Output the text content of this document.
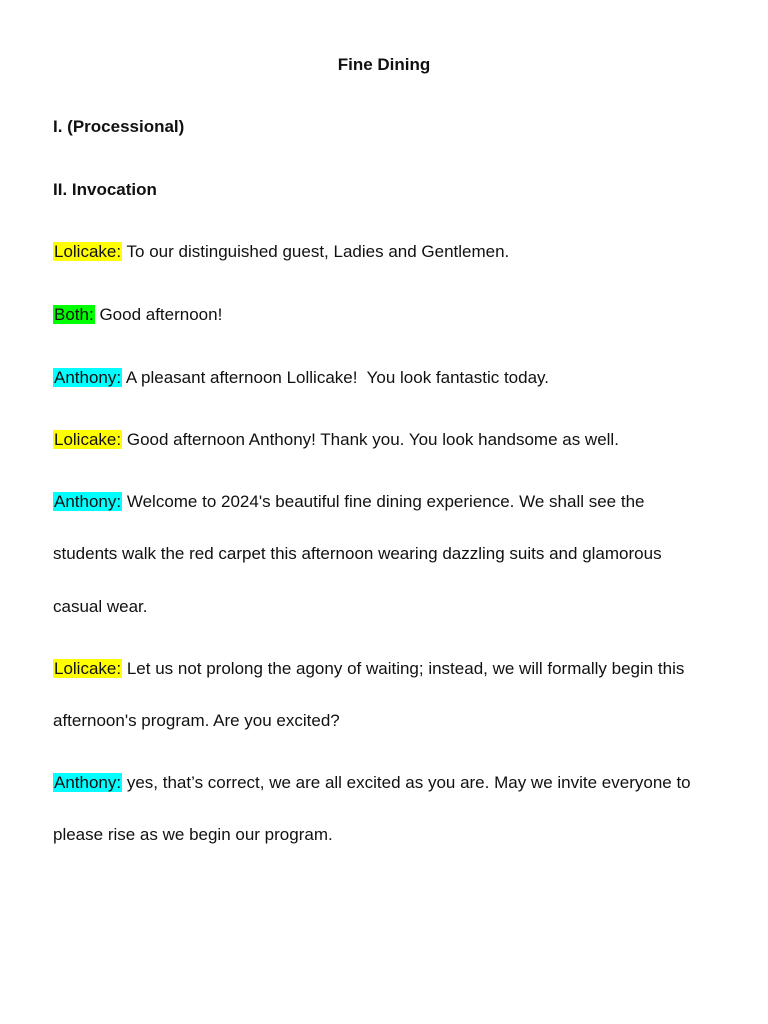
Fine Dining
I. (Processional)
II. Invocation
Lolicake: To our distinguished guest, Ladies and Gentlemen.
Both: Good afternoon!
Anthony: A pleasant afternoon Lollicake!  You look fantastic today.
Lolicake: Good afternoon Anthony! Thank you. You look handsome as well.
Anthony: Welcome to 2024's beautiful fine dining experience. We shall see the
students walk the red carpet this afternoon wearing dazzling suits and glamorous
casual wear.
Lolicake: Let us not prolong the agony of waiting; instead, we will formally begin this
afternoon's program. Are you excited?
Anthony: yes, that’s correct, we are all excited as you are. May we invite everyone to
please rise as we begin our program.
